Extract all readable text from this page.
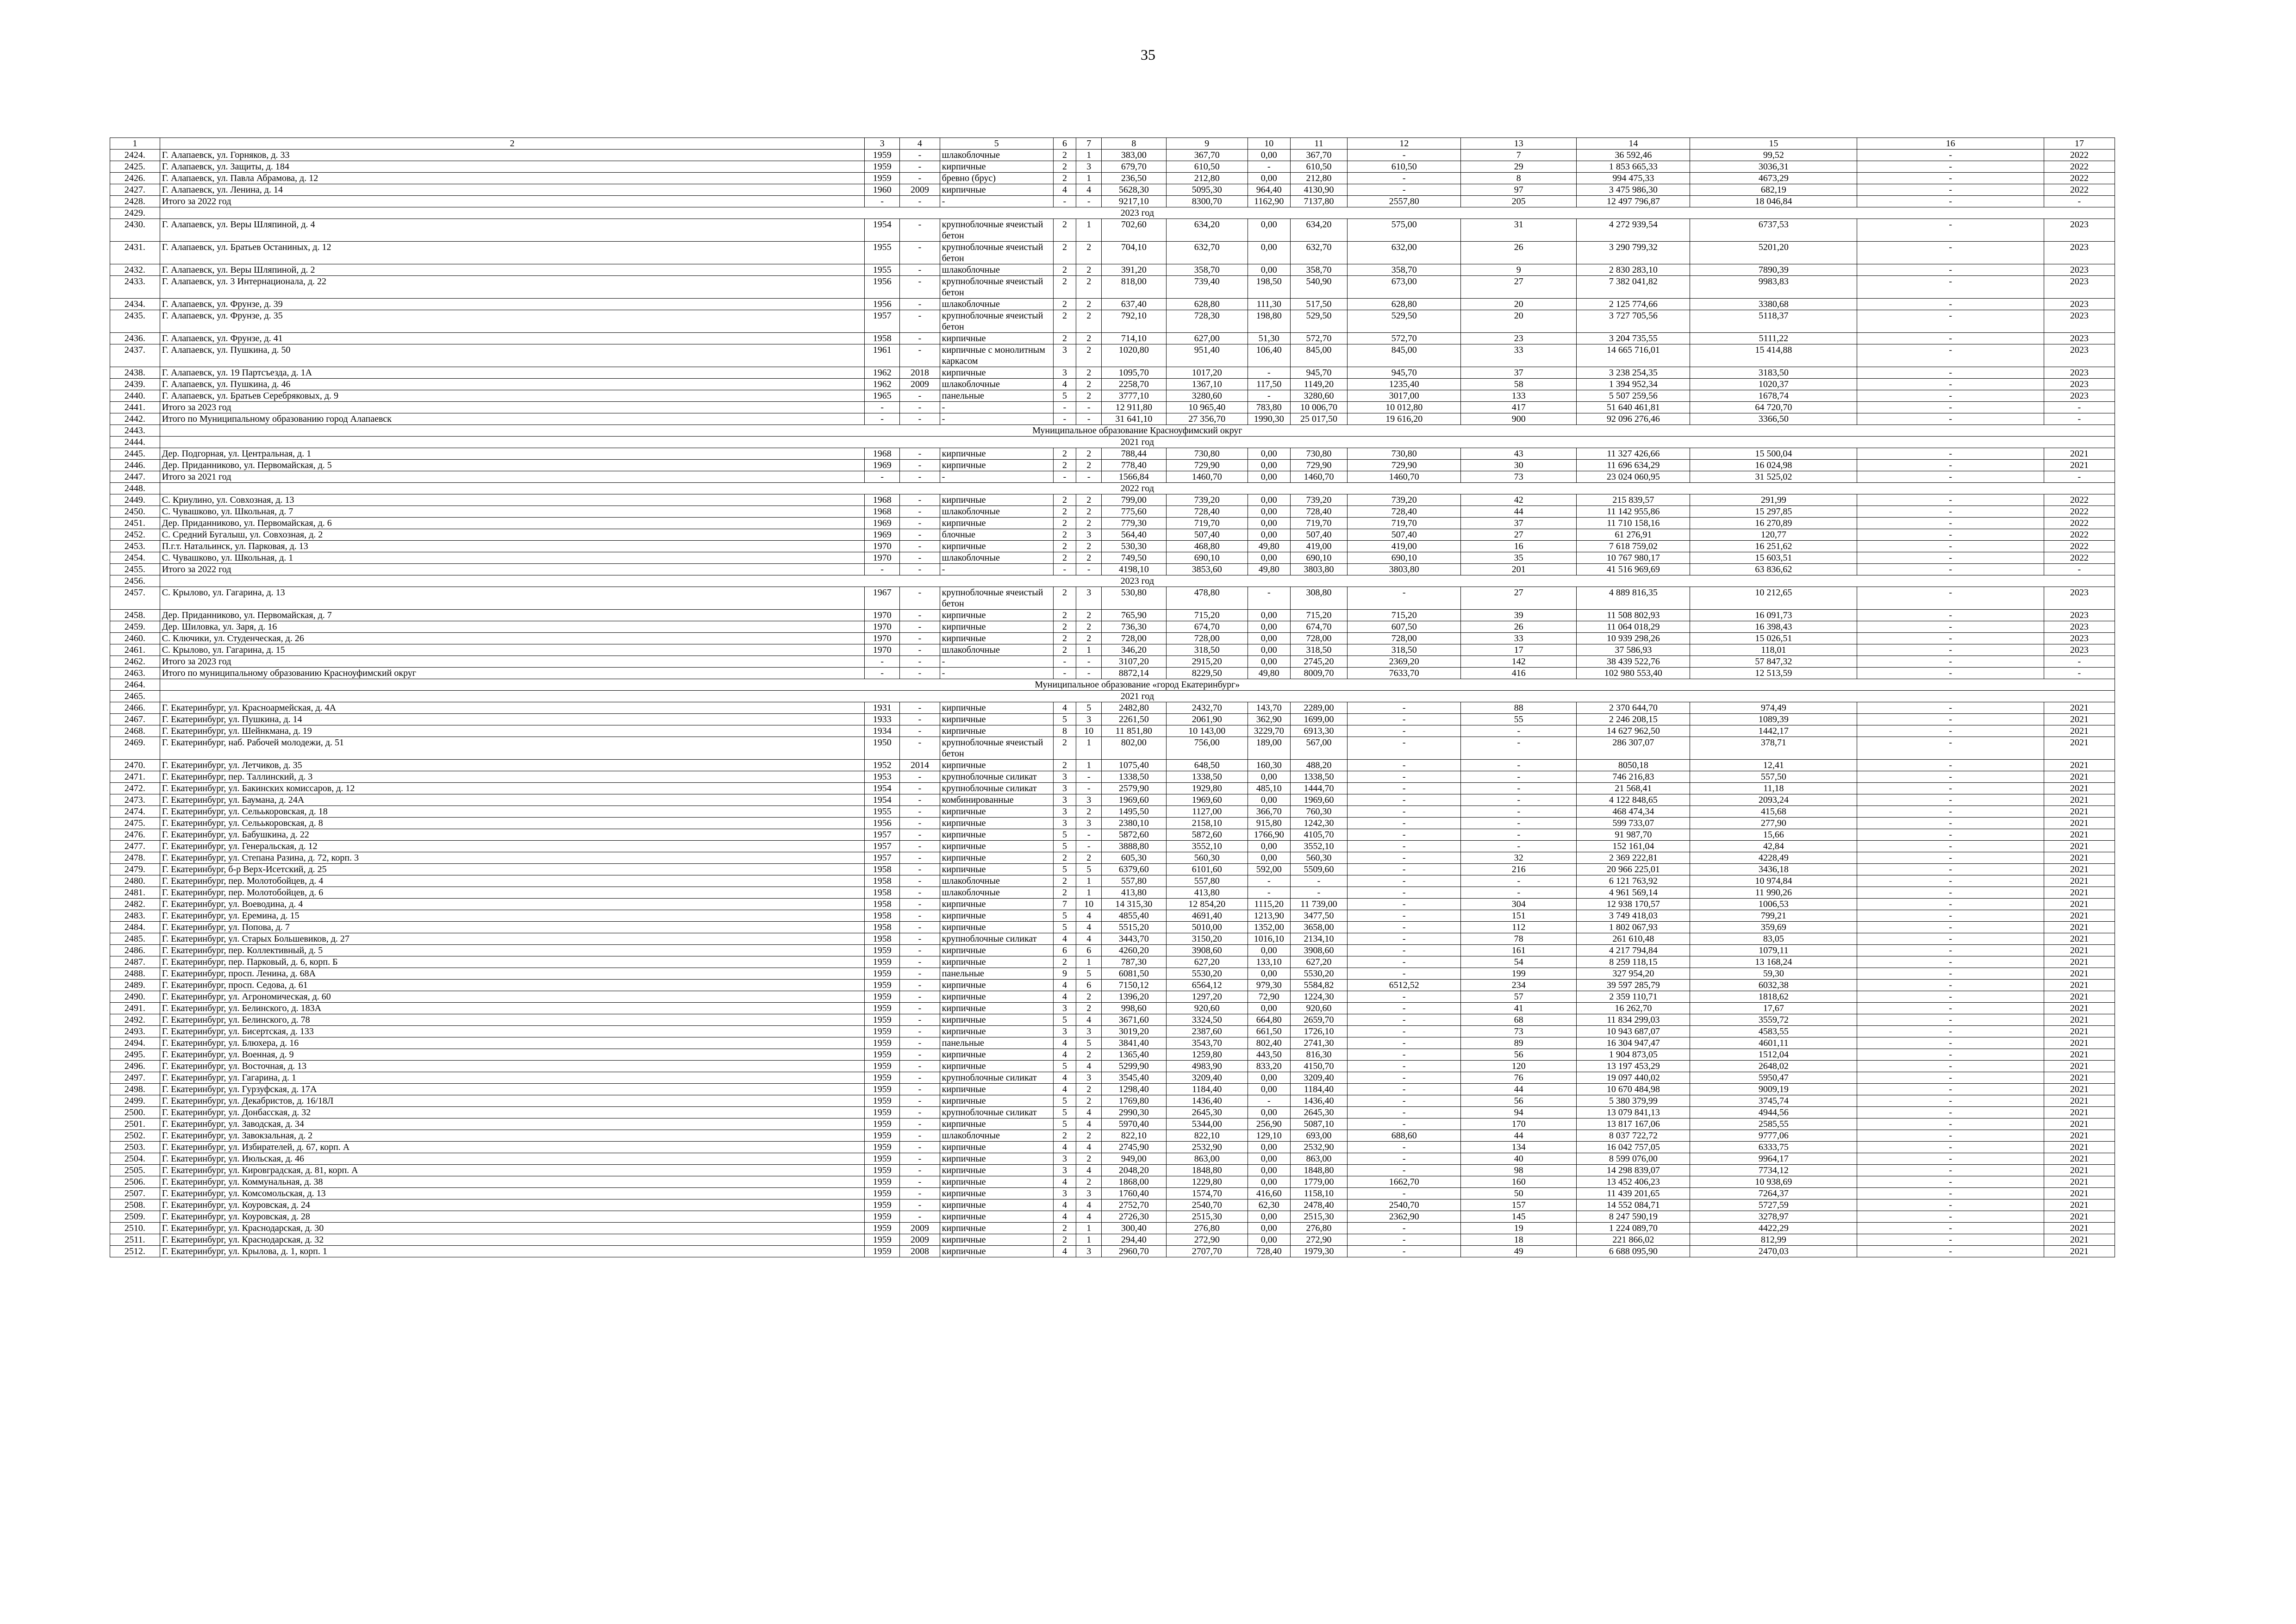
35
1	2	3	4	5	6	7	8	9	10	11	12	13	14	15	16	17
2424.	Г. Алапаевск, ул. Горняков, д. 33	1959	-	шлакоблочные	2	1	383,00	367,70	0,00	367,70	-	7	36 592,46	99,52	-	2022
2425.	Г. Алапаевск, ул. Защиты, д. 184	1959	-	кирпичные	2	3	679,70	610,50	-	610,50	610,50	29	1 853 665,33	3036,31	-	2022
2426.	Г. Алапаевск, ул. Павла Абрамова, д. 12	1959	-	бревно (брус)	2	1	236,50	212,80	0,00	212,80	-	8	994 475,33	4673,29	-	2022
2427.	Г. Алапаевск, ул. Ленина, д. 14	1960	2009	кирпичные	4	4	5628,30	5095,30	964,40	4130,90	-	97	3 475 986,30	682,19	-	2022
2428.	Итого за 2022 год	-	-	-	-	-	9217,10	8300,70	1162,90	7137,80	2557,80	205	12 497 796,87	18 046,84	-	-
2429.	2023 год															
2430.	Г. Алапаевск, ул. Веры Шляпиной, д. 4	1954	-	крупноблочные ячеистый бетон	2	1	702,60	634,20	0,00	634,20	575,00	31	4 272 939,54	6737,53	-	2023
2431.	Г. Алапаевск, ул. Братьев Останиных, д. 12	1955	-	крупноблочные ячеистый бетон	2	2	704,10	632,70	0,00	632,70	632,00	26	3 290 799,32	5201,20	-	2023
2432.	Г. Алапаевск, ул. Веры Шляпиной, д. 2	1955	-	шлакоблочные	2	2	391,20	358,70	0,00	358,70	358,70	9	2 830 283,10	7890,39	-	2023
2433.	Г. Алапаевск, ул. 3 Интернационала, д. 22	1956	-	крупноблочные ячеистый бетон	2	2	818,00	739,40	198,50	540,90	673,00	27	7 382 041,82	9983,83	-	2023
2434.	Г. Алапаевск, ул. Фрунзе, д. 39	1956	-	шлакоблочные	2	2	637,40	628,80	111,30	517,50	628,80	20	2 125 774,66	3380,68	-	2023
2435.	Г. Алапаевск, ул. Фрунзе, д. 35	1957	-	крупноблочные ячеистый бетон	2	2	792,10	728,30	198,80	529,50	529,50	20	3 727 705,56	5118,37	-	2023
2436.	Г. Алапаевск, ул. Фрунзе, д. 41	1958	-	кирпичные	2	2	714,10	627,00	51,30	572,70	572,70	23	3 204 735,55	5111,22	-	2023
2437.	Г. Алапаевск, ул. Пушкина, д. 50	1961	-	кирпичные с монолитным каркасом	3	2	1020,80	951,40	106,40	845,00	845,00	33	14 665 716,01	15 414,88	-	2023
2438.	Г. Алапаевск, ул. 19 Партсъезда, д. 1А	1962	2018	кирпичные	3	2	1095,70	1017,20	-	945,70	945,70	37	3 238 254,35	3183,50	-	2023
2439.	Г. Алапаевск, ул. Пушкина, д. 46	1962	2009	шлакоблочные	4	2	2258,70	1367,10	117,50	1149,20	1235,40	58	1 394 952,34	1020,37	-	2023
2440.	Г. Алапаевск, ул. Братьев Серебряковых, д. 9	1965	-	панельные	5	2	3777,10	3280,60	-	3280,60	3017,00	133	5 507 259,56	1678,74	-	2023
2441.	Итого за 2023 год	-	-	-	-	-	12 911,80	10 965,40	783,80	10 006,70	10 012,80	417	51 640 461,81	64 720,70	-	-
2442.	Итого по Муниципальному образованию город Алапаевск	-	-	-	-	-	31 641,10	27 356,70	1990,30	25 017,50	19 616,20	900	92 096 276,46	3366,50	-	-
2443.	Муниципальное образование Красноуфимский округ															
2444.	2021 год															
2445.	Дер. Подгорная, ул. Центральная, д. 1	1968	-	кирпичные	2	2	788,44	730,80	0,00	730,80	730,80	43	11 327 426,66	15 500,04	-	2021
2446.	Дер. Приданниково, ул. Первомайская, д. 5	1969	-	кирпичные	2	2	778,40	729,90	0,00	729,90	729,90	30	11 696 634,29	16 024,98	-	2021
2447.	Итого за 2021 год	-	-	-	-	-	1566,84	1460,70	0,00	1460,70	1460,70	73	23 024 060,95	31 525,02	-	-
2448.	2022 год															
2449.	С. Криулино, ул. Совхозная, д. 13	1968	-	кирпичные	2	2	799,00	739,20	0,00	739,20	739,20	42	215 839,57	291,99	-	2022
2450.	С. Чувашково, ул. Школьная, д. 7	1968	-	шлакоблочные	2	2	775,60	728,40	0,00	728,40	728,40	44	11 142 955,86	15 297,85	-	2022
2451.	Дер. Приданниково, ул. Первомайская, д. 6	1969	-	кирпичные	2	2	779,30	719,70	0,00	719,70	719,70	37	11 710 158,16	16 270,89	-	2022
2452.	С. Средний Бугалыш, ул. Совхозная, д. 2	1969	-	блочные	2	3	564,40	507,40	0,00	507,40	507,40	27	61 276,91	120,77	-	2022
2453.	П.г.т. Натальинск, ул. Парковая, д. 13	1970	-	кирпичные	2	2	530,30	468,80	49,80	419,00	419,00	16	7 618 759,02	16 251,62	-	2022
2454.	С. Чувашково, ул. Школьная, д. 1	1970	-	шлакоблочные	2	2	749,50	690,10	0,00	690,10	690,10	35	10 767 980,17	15 603,51	-	2022
2455.	Итого за 2022 год	-	-	-	-	-	4198,10	3853,60	49,80	3803,80	3803,80	201	41 516 969,69	63 836,62	-	-
2456.	2023 год															
2457.	С. Крылово, ул. Гагарина, д. 13	1967	-	крупноблочные ячеистый бетон	2	3	530,80	478,80	-	308,80	-	27	4 889 816,35	10 212,65	-	2023
2458.	Дер. Приданниково, ул. Первомайская, д. 7	1970	-	кирпичные	2	2	765,90	715,20	0,00	715,20	715,20	39	11 508 802,93	16 091,73	-	2023
2459.	Дер. Шиловка, ул. Заря, д. 16	1970	-	кирпичные	2	2	736,30	674,70	0,00	674,70	607,50	26	11 064 018,29	16 398,43	-	2023
2460.	С. Ключики, ул. Студенческая, д. 26	1970	-	кирпичные	2	2	728,00	728,00	0,00	728,00	728,00	33	10 939 298,26	15 026,51	-	2023
2461.	С. Крылово, ул. Гагарина, д. 15	1970	-	шлакоблочные	2	1	346,20	318,50	0,00	318,50	318,50	17	37 586,93	118,01	-	2023
2462.	Итого за 2023 год	-	-	-	-	-	3107,20	2915,20	0,00	2745,20	2369,20	142	38 439 522,76	57 847,32	-	-
2463.	Итого по муниципальному образованию Красноуфимский округ	-	-	-	-	-	8872,14	8229,50	49,80	8009,70	7633,70	416	102 980 553,40	12 513,59	-	-
2464.	Муниципальное образование «город Екатеринбург»															
2465.	2021 год															
2466.	Г. Екатеринбург, ул. Красноармейская, д. 4А	1931	-	кирпичные	4	5	2482,80	2432,70	143,70	2289,00	-	88	2 370 644,70	974,49	-	2021
2467.	Г. Екатеринбург, ул. Пушкина, д. 14	1933	-	кирпичные	5	3	2261,50	2061,90	362,90	1699,00	-	55	2 246 208,15	1089,39	-	2021
2468.	Г. Екатеринбург, ул. Шейнкмана, д. 19	1934	-	кирпичные	8	10	11 851,80	10 143,00	3229,70	6913,30	-	-	14 627 962,50	1442,17	-	2021
2469.	Г. Екатеринбург, наб. Рабочей молодежи, д. 51	1950	-	крупноблочные ячеистый бетон	2	1	802,00	756,00	189,00	567,00	-	-	286 307,07	378,71	-	2021
2470.	Г. Екатеринбург, ул. Летчиков, д. 35	1952	2014	кирпичные	2	1	1075,40	648,50	160,30	488,20	-	-	8050,18	12,41	-	2021
2471.	Г. Екатеринбург, пер. Таллинский, д. 3	1953	-	крупноблочные силикат	3	-	1338,50	1338,50	0,00	1338,50	-	-	746 216,83	557,50	-	2021
2472.	Г. Екатеринбург, ул. Бакинских комиссаров, д. 12	1954	-	крупноблочные силикат	3	-	2579,90	1929,80	485,10	1444,70	-	-	21 568,41	11,18	-	2021
2473.	Г. Екатеринбург, ул. Баумана, д. 24А	1954	-	комбинированные	3	3	1969,60	1969,60	0,00	1969,60	-	-	4 122 848,65	2093,24	-	2021
2474.	Г. Екатеринбург, ул. Сельькоровская, д. 18	1955	-	кирпичные	3	2	1495,50	1127,00	366,70	760,30	-	-	468 474,34	415,68	-	2021
2475.	Г. Екатеринбург, ул. Сельькоровская, д. 8	1956	-	кирпичные	3	3	2380,10	2158,10	915,80	1242,30	-	-	599 733,07	277,90	-	2021
2476.	Г. Екатеринбург, ул. Бабушкина, д. 22	1957	-	кирпичные	5	-	5872,60	5872,60	1766,90	4105,70	-	-	91 987,70	15,66	-	2021
2477.	Г. Екатеринбург, ул. Генеральская, д. 12	1957	-	кирпичные	5	-	3888,80	3552,10	0,00	3552,10	-	-	152 161,04	42,84	-	2021
2478.	Г. Екатеринбург, ул. Степана Разина, д. 72, корп. 3	1957	-	кирпичные	2	2	605,30	560,30	0,00	560,30	-	32	2 369 222,81	4228,49	-	2021
2479.	Г. Екатеринбург, б-р Верх-Исетский, д. 25	1958	-	кирпичные	5	5	6379,60	6101,60	592,00	5509,60	-	216	20 966 225,01	3436,18	-	2021
2480.	Г. Екатеринбург, пер. Молотобойцев, д. 4	1958	-	шлакоблочные	2	1	557,80	557,80	-	-	-	-	6 121 763,92	10 974,84	-	2021
2481.	Г. Екатеринбург, пер. Молотобойцев, д. 6	1958	-	шлакоблочные	2	1	413,80	413,80	-	-	-	-	4 961 569,14	11 990,26	-	2021
2482.	Г. Екатеринбург, ул. Воеводина, д. 4	1958	-	кирпичные	7	10	14 315,30	12 854,20	1115,20	11 739,00	-	304	12 938 170,57	1006,53	-	2021
2483.	Г. Екатеринбург, ул. Еремина, д. 15	1958	-	кирпичные	5	4	4855,40	4691,40	1213,90	3477,50	-	151	3 749 418,03	799,21	-	2021
2484.	Г. Екатеринбург, ул. Попова, д. 7	1958	-	кирпичные	5	4	5515,20	5010,00	1352,00	3658,00	-	112	1 802 067,93	359,69	-	2021
2485.	Г. Екатеринбург, ул. Старых Большевиков, д. 27	1958	-	крупноблочные силикат	4	4	3443,70	3150,20	1016,10	2134,10	-	78	261 610,48	83,05	-	2021
2486.	Г. Екатеринбург, пер. Коллективный, д. 5	1959	-	кирпичные	6	6	4260,20	3908,60	0,00	3908,60	-	161	4 217 794,84	1079,11	-	2021
2487.	Г. Екатеринбург, пер. Парковый, д. 6, корп. Б	1959	-	кирпичные	2	1	787,30	627,20	133,10	627,20	-	54	8 259 118,15	13 168,24	-	2021
2488.	Г. Екатеринбург, просп. Ленина, д. 68А	1959	-	панельные	9	5	6081,50	5530,20	0,00	5530,20	-	199	327 954,20	59,30	-	2021
2489.	Г. Екатеринбург, просп. Седова, д. 61	1959	-	кирпичные	4	6	7150,12	6564,12	979,30	5584,82	6512,52	234	39 597 285,79	6032,38	-	2021
2490.	Г. Екатеринбург, ул. Агрономическая, д. 60	1959	-	кирпичные	4	2	1396,20	1297,20	72,90	1224,30	-	57	2 359 110,71	1818,62	-	2021
2491.	Г. Екатеринбург, ул. Белинского, д. 183А	1959	-	кирпичные	3	2	998,60	920,60	0,00	920,60	-	41	16 262,70	17,67	-	2021
2492.	Г. Екатеринбург, ул. Белинского, д. 78	1959	-	кирпичные	5	4	3671,60	3324,50	664,80	2659,70	-	68	11 834 299,03	3559,72	-	2021
2493.	Г. Екатеринбург, ул. Бисертская, д. 133	1959	-	кирпичные	3	3	3019,20	2387,60	661,50	1726,10	-	73	10 943 687,07	4583,55	-	2021
2494.	Г. Екатеринбург, ул. Блюхера, д. 16	1959	-	панельные	4	5	3841,40	3543,70	802,40	2741,30	-	89	16 304 947,47	4601,11	-	2021
2495.	Г. Екатеринбург, ул. Военная, д. 9	1959	-	кирпичные	4	2	1365,40	1259,80	443,50	816,30	-	56	1 904 873,05	1512,04	-	2021
2496.	Г. Екатеринбург, ул. Восточная, д. 13	1959	-	кирпичные	5	4	5299,90	4983,90	833,20	4150,70	-	120	13 197 453,29	2648,02	-	2021
2497.	Г. Екатеринбург, ул. Гагарина, д. 1	1959	-	крупноблочные силикат	4	3	3545,40	3209,40	0,00	3209,40	-	76	19 097 440,02	5950,47	-	2021
2498.	Г. Екатеринбург, ул. Гурзуфская, д. 17А	1959	-	кирпичные	4	2	1298,40	1184,40	0,00	1184,40	-	44	10 670 484,98	9009,19	-	2021
2499.	Г. Екатеринбург, ул. Декабристов, д. 16/18Л	1959	-	кирпичные	5	2	1769,80	1436,40	-	1436,40	-	56	5 380 379,99	3745,74	-	2021
2500.	Г. Екатеринбург, ул. Донбасская, д. 32	1959	-	крупноблочные силикат	5	4	2990,30	2645,30	0,00	2645,30	-	94	13 079 841,13	4944,56	-	2021
2501.	Г. Екатеринбург, ул. Заводская, д. 34	1959	-	кирпичные	5	4	5970,40	5344,00	256,90	5087,10	-	170	13 817 167,06	2585,55	-	2021
2502.	Г. Екатеринбург, ул. Завокзальная, д. 2	1959	-	шлакоблочные	2	2	822,10	822,10	129,10	693,00	688,60	44	8 037 722,72	9777,06	-	2021
2503.	Г. Екатеринбург, ул. Избирателей, д. 67, корп. А	1959	-	кирпичные	4	4	2745,90	2532,90	0,00	2532,90	-	134	16 042 757,05	6333,75	-	2021
2504.	Г. Екатеринбург, ул. Июльская, д. 46	1959	-	кирпичные	3	2	949,00	863,00	0,00	863,00	-	40	8 599 076,00	9964,17	-	2021
2505.	Г. Екатеринбург, ул. Кировградская, д. 81, корп. А	1959	-	кирпичные	3	4	2048,20	1848,80	0,00	1848,80	-	98	14 298 839,07	7734,12	-	2021
2506.	Г. Екатеринбург, ул. Коммунальная, д. 38	1959	-	кирпичные	4	2	1868,00	1229,80	0,00	1779,00	1662,70	160	13 452 406,23	10 938,69	-	2021
2507.	Г. Екатеринбург, ул. Комсомольская, д. 13	1959	-	кирпичные	3	3	1760,40	1574,70	416,60	1158,10	-	50	11 439 201,65	7264,37	-	2021
2508.	Г. Екатеринбург, ул. Коуровская, д. 24	1959	-	кирпичные	4	4	2752,70	2540,70	62,30	2478,40	2540,70	157	14 552 084,71	5727,59	-	2021
2509.	Г. Екатеринбург, ул. Коуровская, д. 28	1959	-	кирпичные	4	4	2726,30	2515,30	0,00	2515,30	2362,90	145	8 247 590,19	3278,97	-	2021
2510.	Г. Екатеринбург, ул. Краснодарская, д. 30	1959	2009	кирпичные	2	1	300,40	276,80	0,00	276,80	-	19	1 224 089,70	4422,29	-	2021
2511.	Г. Екатеринбург, ул. Краснодарская, д. 32	1959	2009	кирпичные	2	1	294,40	272,90	0,00	272,90	-	18	221 866,02	812,99	-	2021
2512.	Г. Екатеринбург, ул. Крылова, д. 1, корп. 1	1959	2008	кирпичные	4	3	2960,70	2707,70	728,40	1979,30	-	49	6 688 095,90	2470,03	-	2021
